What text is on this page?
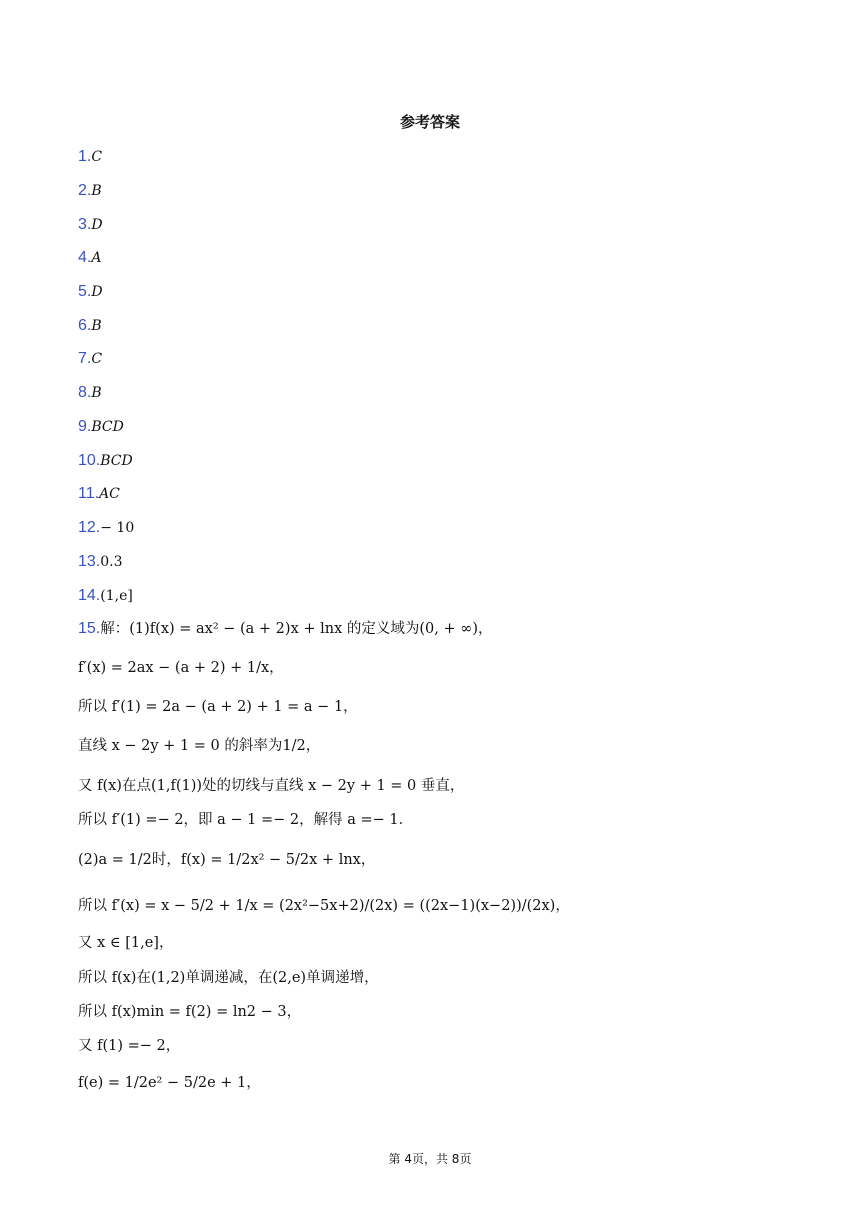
参考答案
1.C
2.B
3.D
4.A
5.D
6.B
7.C
8.B
9.BCD
10.BCD
11.AC
12.− 10
13.0.3
14.(1,e]
15.解：(1)f(x) = ax² − (a + 2)x + lnx 的定义域为(0, + ∞)，
f′(x) = 2ax − (a + 2) + 1/x，
所以 f′(1) = 2a − (a + 2) + 1 = a − 1，
直线 x − 2y + 1 = 0 的斜率为1/2，
又 f(x)在点(1,f(1))处的切线与直线 x − 2y + 1 = 0 垂直，
所以 f′(1) =− 2，即 a − 1 =− 2，解得 a =− 1．
(2)a = 1/2时，f(x) = 1/2x² − 5/2x + lnx，
所以 f′(x) = x − 5/2 + 1/x = (2x²−5x+2)/(2x) = ((2x−1)(x−2))/(2x)，
又 x ∈ [1,e]，
所以 f(x)在(1,2)单调递减，在(2,e)单调递增，
所以 f(x)min = f(2) = ln2 − 3，
又 f(1) =− 2，
f(e) = 1/2e² − 5/2e + 1，
第 4页，共 8页
